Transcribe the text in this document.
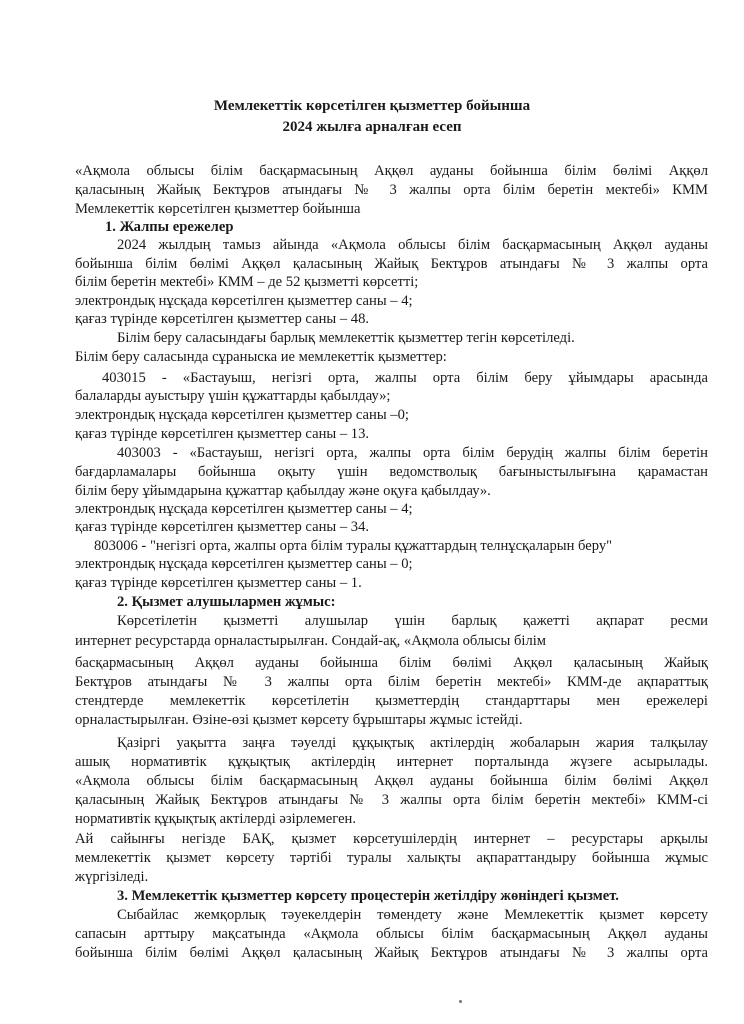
Мемлекеттік көрсетілген қызметтер бойынша
2024 жылға арналған есеп
«Ақмола облысы білім басқармасының Аққөл ауданы бойынша білім бөлімі Аққөл
қаласының Жайық Бектұров атындағы № 3 жалпы орта білім беретін мектебі» КММ
Мемлекеттік көрсетілген қызметтер бойынша
1. Жалпы ережелер
2024 жылдың тамыз айында «Ақмола облысы білім басқармасының Аққөл ауданы
бойынша білім бөлімі Аққөл қаласының Жайық Бектұров атындағы № 3 жалпы орта
білім беретін мектебі» КММ – де 52 қызметті көрсетті;
электрондық нұсқада көрсетілген қызметтер саны – 4;
қағаз түрінде көрсетілген қызметтер саны – 48.
Білім беру саласындағы барлық мемлекеттік қызметтер тегін көрсетіледі.
Білім беру саласында сұраныска ие мемлекеттік қызметтер:
403015 - «Бастауыш, негізгі орта, жалпы орта білім беру ұйымдары арасында
балаларды ауыстыру үшін құжаттарды қабылдау»;
электрондық нұсқада көрсетілген қызметтер саны –0;
қағаз түрінде көрсетілген қызметтер саны – 13.
403003 - «Бастауыш, негізгі орта, жалпы орта білім берудің жалпы білім беретін
бағдарламалары бойынша оқыту үшін ведомстволық бағыныстылығына қарамастан
білім беру ұйымдарына құжаттар қабылдау және оқуға қабылдау».
электрондық нұсқада көрсетілген қызметтер саны – 4;
қағаз түрінде көрсетілген қызметтер саны – 34.
803006 - "негізгі орта, жалпы орта білім туралы құжаттардың телнұсқаларын беру"
электрондық нұсқада көрсетілген қызметтер саны – 0;
қағаз түрінде көрсетілген қызметтер саны – 1.
2. Қызмет алушылармен жұмыс:
Көрсетілетін қызметті алушылар үшін барлық қажетті ақпарат ресми
интернет ресурстарда орналастырылған. Сондай-ақ, «Ақмола облысы білім
басқармасының Аққөл ауданы бойынша білім бөлімі Аққөл қаласының Жайық
Бектұров атындағы № 3 жалпы орта білім беретін мектебі» КММ-де ақпараттық
стендтерде мемлекеттік көрсетілетін қызметтердің стандарттары мен ережелері
орналастырылған. Өзіне-өзі қызмет көрсету бұрыштары жұмыс істейді.
Қазіргі уақытта заңға тәуелді құқықтық актілердің жобаларын жария талқылау
ашық нормативтік құқықтық актілердің интернет порталында жүзеге асырылады.
«Ақмола облысы білім басқармасының Аққөл ауданы бойынша білім бөлімі Аққөл
қаласының Жайық Бектұров атындағы № 3 жалпы орта білім беретін мектебі» КММ-сі
нормативтік құқықтық актілерді әзірлемеген.
Ай сайынғы негізде БАҚ, қызмет көрсетушілердің интернет – ресурстары арқылы
мемлекеттік қызмет көрсету тәртібі туралы халықты ақпараттандыру бойынша жұмыс
жүргізіледі.
3. Мемлекеттік қызметтер көрсету процестерін жетілдіру жөніндегі қызмет.
Сыбайлас жемқорлық тәуекелдерін төмендету және Мемлекеттік қызмет көрсету
сапасын арттыру мақсатында «Ақмола облысы білім басқармасының Аққөл ауданы
бойынша білім бөлімі Аққөл қаласының Жайық Бектұров атындағы № 3 жалпы орта
